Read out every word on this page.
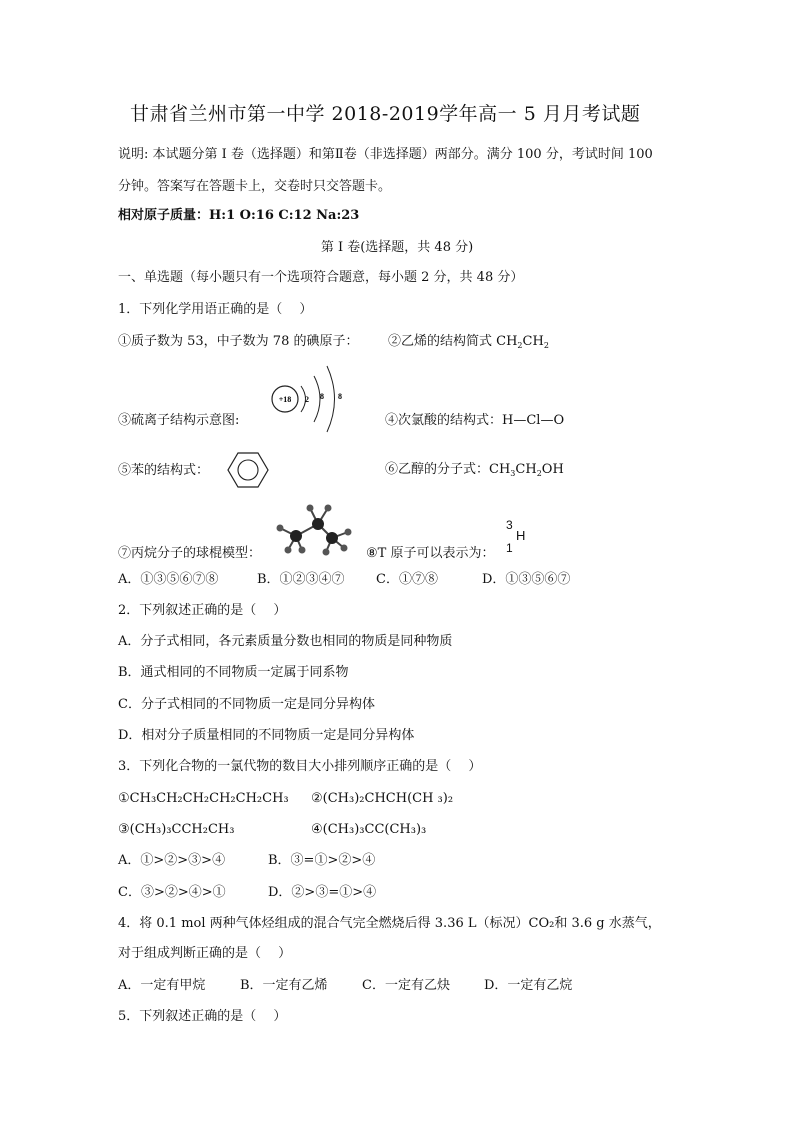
甘肃省兰州市第一中学 2018-2019学年高一 5 月月考试题
说明: 本试题分第 I 卷（选择题）和第Ⅱ卷（非选择题）两部分。满分 100 分，考试时间 100
分钟。答案写在答题卡上，交卷时只交答题卡。
相对原子质量：H:1 O:16 C:12 Na:23
第 I 卷(选择题，共 48 分)
一、单选题（每小题只有一个选项符合题意，每小题 2 分，共 48 分）
1．下列化学用语正确的是（　 ）
①质子数为 53，中子数为 78 的碘原子： ②乙烯的结构简式 $CH_2CH_2$
+18 2 8 8
③硫离子结构示意图:	④次氯酸的结构式：H—Cl—O
⑤苯的结构式：	⑥乙醇的分子式：$CH_3CH_2OH$
⑦丙烷分子的球棍模型：	⑧T 原子可以表示为：
3
H
1
A．①③⑤⑥⑦⑧	B．①②③④⑦ C．①⑦⑧	D．①③⑤⑥⑦
2．下列叙述正确的是（　 ）
A．分子式相同，各元素质量分数也相同的物质是同种物质
B．通式相同的不同物质一定属于同系物
C．分子式相同的不同物质一定是同分异构体
D．相对分子质量相同的不同物质一定是同分异构体
3．下列化合物的一氯代物的数目大小排列顺序正确的是（　 ）
①CH₃CH₂CH₂CH₂CH₂CH₃ ②(CH₃)₂CHCH(CH ₃)₂
③(CH₃)₃CCH₂CH₃	④(CH₃)₃CC(CH₃)₃
A．①>②>③>④	B．③=①>②>④
C．③>②>④>①	D．②>③=①>④
4．将 0.1 mol 两种气体烃组成的混合气完全燃烧后得 3.36 L（标况）CO₂和 3.6 g 水蒸气，
对于组成判断正确的是（　 ）
A．一定有甲烷	B．一定有乙烯	C．一定有乙炔	D．一定有乙烷
5．下列叙述正确的是（　 ）
